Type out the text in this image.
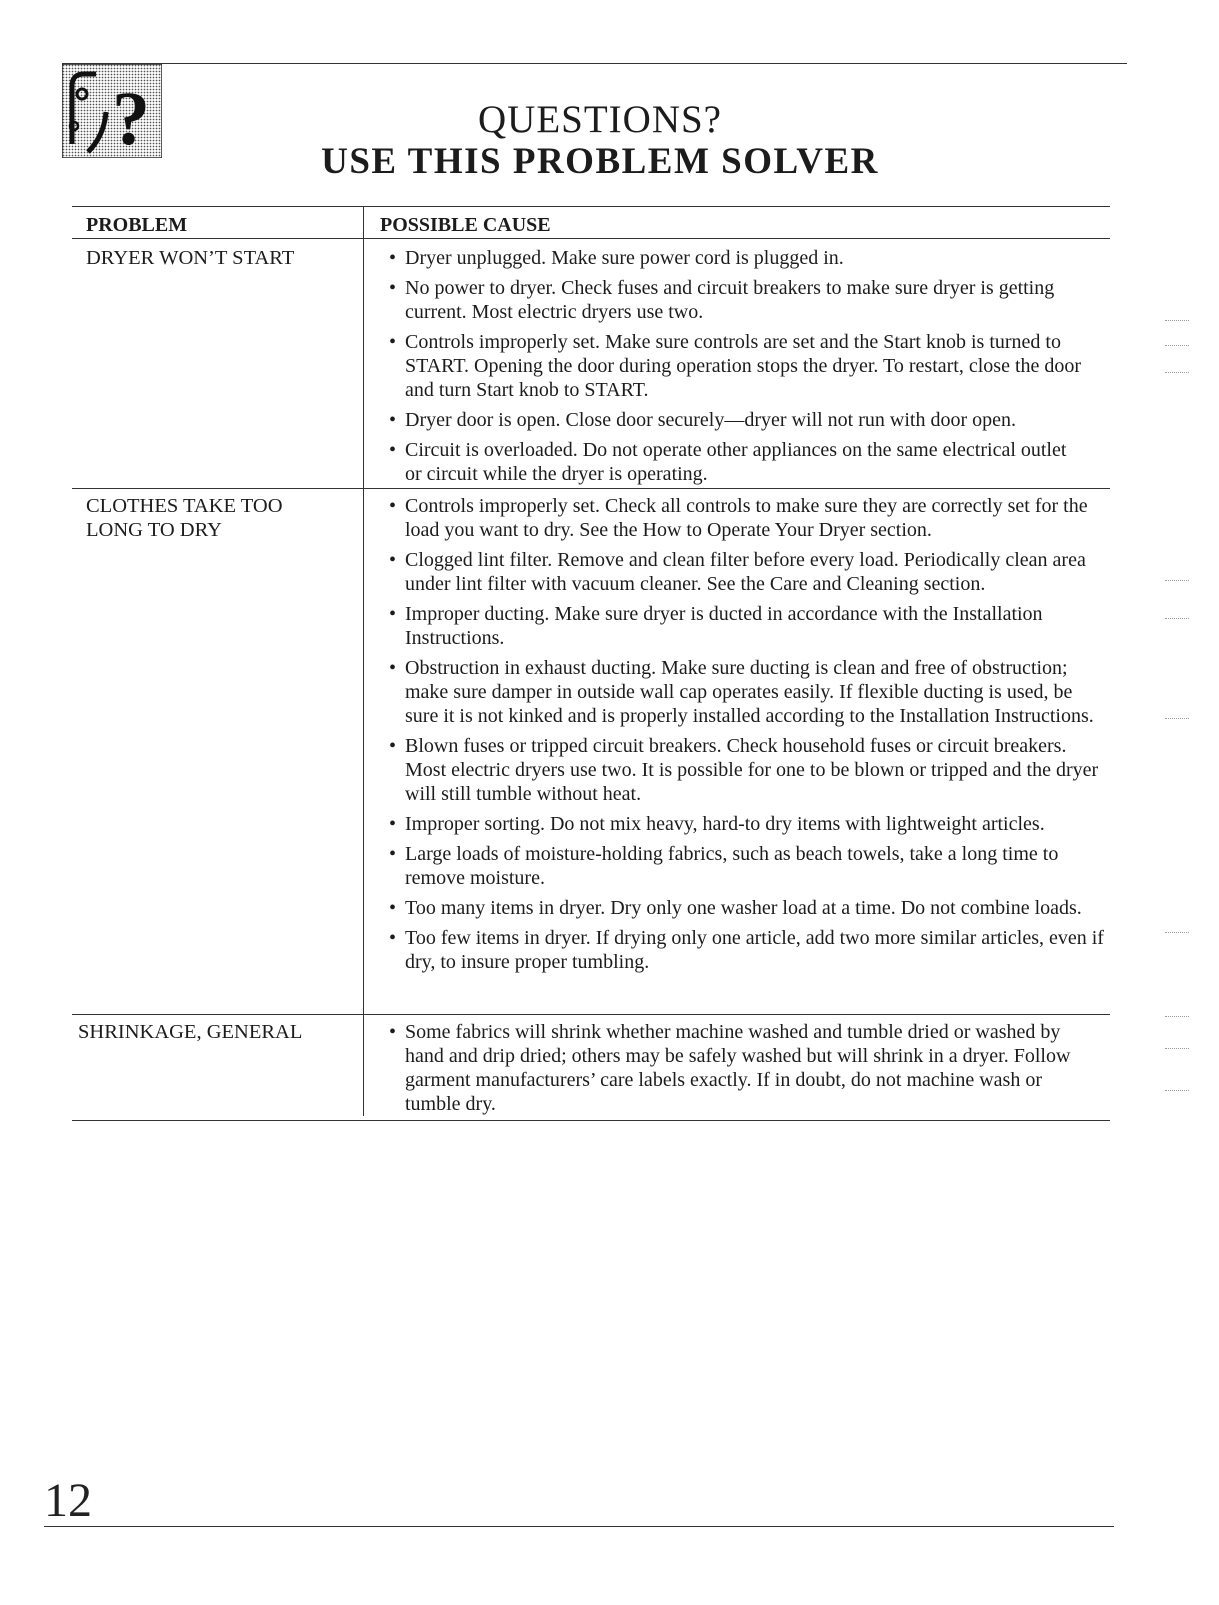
?	QUESTIONS?
USE THIS PROBLEM SOLVER
PROBLEM	POSSIBLE CAUSE
DRYER WON’T START	• Dryer unplugged. Make sure power cord is plugged in.
• No power to dryer. Check fuses and circuit breakers to make sure dryer is getting current. Most electric dryers use two.
• Controls improperly set. Make sure controls are set and the Start knob is turned to START. Opening the door during operation stops the dryer. To restart, close the door and turn Start knob to START.
• Dryer door is open. Close door securely—dryer will not run with door open.
• Circuit is overloaded. Do not operate other appliances on the same electrical outlet or circuit while the dryer is operating.
CLOTHES TAKE TOO LONG TO DRY
• Controls improperly set. Check all controls to make sure they are correctly set for the load you want to dry. See the How to Operate Your Dryer section.
• Clogged lint filter. Remove and clean filter before every load. Periodically clean area under lint filter with vacuum cleaner. See the Care and Cleaning section.
• Improper ducting. Make sure dryer is ducted in accordance with the Installation Instructions.
• Obstruction in exhaust ducting. Make sure ducting is clean and free of obstruction; make sure damper in outside wall cap operates easily. If flexible ducting is used, be sure it is not kinked and is properly installed according to the Installation Instructions.
• Blown fuses or tripped circuit breakers. Check household fuses or circuit breakers. Most electric dryers use two. It is possible for one to be blown or tripped and the dryer will still tumble without heat.
• Improper sorting. Do not mix heavy, hard-to dry items with lightweight articles.
• Large loads of moisture-holding fabrics, such as beach towels, take a long time to remove moisture.
• Too many items in dryer. Dry only one washer load at a time. Do not combine loads.
• Too few items in dryer. If drying only one article, add two more similar articles, even if dry, to insure proper tumbling.
SHRINKAGE, GENERAL	• Some fabrics will shrink whether machine washed and tumble dried or washed by hand and drip dried; others may be safely washed but will shrink in a dryer. Follow garment manufacturers’ care labels exactly. If in doubt, do not machine wash or tumble dry.
12
